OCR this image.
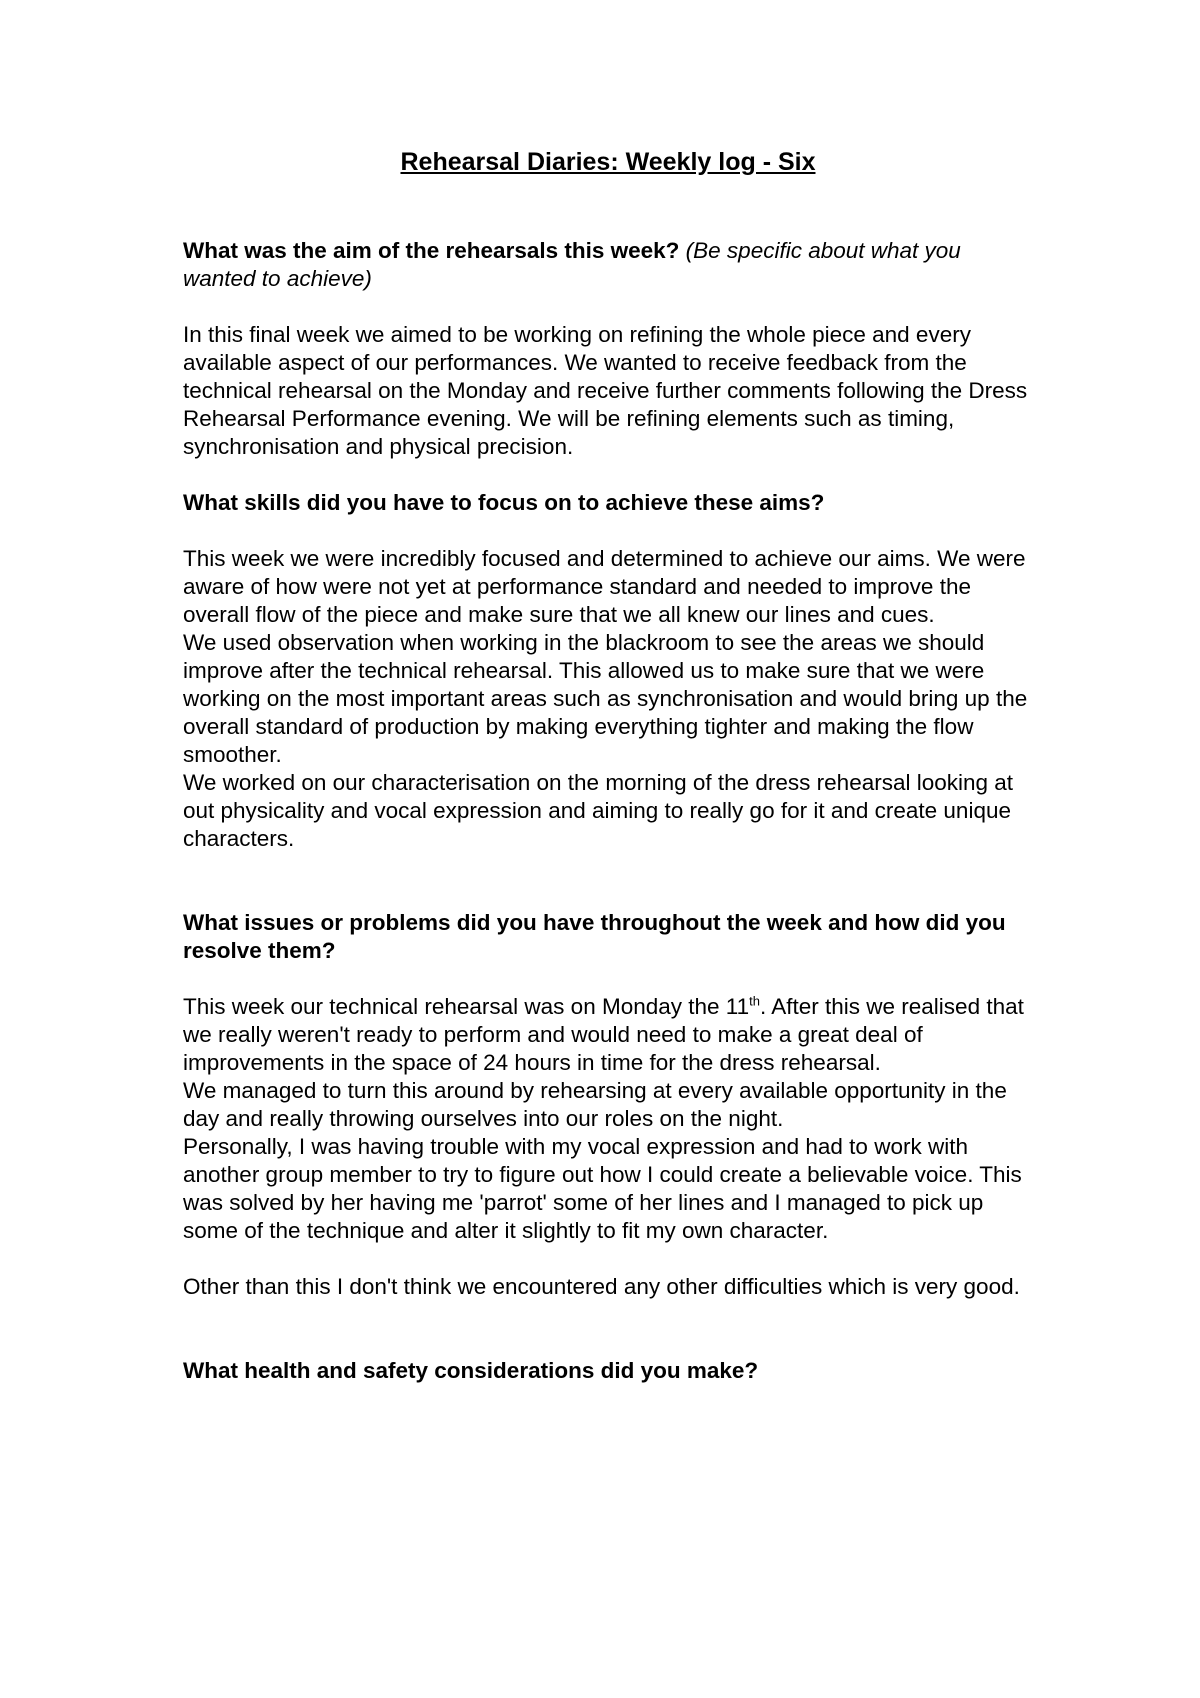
Rehearsal Diaries: Weekly log - Six

What was the aim of the rehearsals this week? (Be specific about what you wanted to achieve)

In this final week we aimed to be working on refining the whole piece and every available aspect of our performances. We wanted to receive feedback from the technical rehearsal on the Monday and receive further comments following the Dress Rehearsal Performance evening. We will be refining elements such as timing, synchronisation and physical precision.

What skills did you have to focus on to achieve these aims?

This week we were incredibly focused and determined to achieve our aims. We were aware of how were not yet at performance standard and needed to improve the overall flow of the piece and make sure that we all knew our lines and cues.

We used observation when working in the blackroom to see the areas we should improve after the technical rehearsal. This allowed us to make sure that we were working on the most important areas such as synchronisation and would bring up the overall standard of production by making everything tighter and making the flow smoother.

We worked on our characterisation on the morning of the dress rehearsal looking at out physicality and vocal expression and aiming to really go for it and create unique characters.

What issues or problems did you have throughout the week and how did you resolve them?

This week our technical rehearsal was on Monday the 11th. After this we realised that we really weren't ready to perform and would need to make a great deal of improvements in the space of 24 hours in time for the dress rehearsal.

We managed to turn this around by rehearsing at every available opportunity in the day and really throwing ourselves into our roles on the night.

Personally, I was having trouble with my vocal expression and had to work with another group member to try to figure out how I could create a believable voice. This was solved by her having me 'parrot' some of her lines and I managed to pick up some of the technique and alter it slightly to fit my own character.

Other than this I don't think we encountered any other difficulties which is very good.

What health and safety considerations did you make?
